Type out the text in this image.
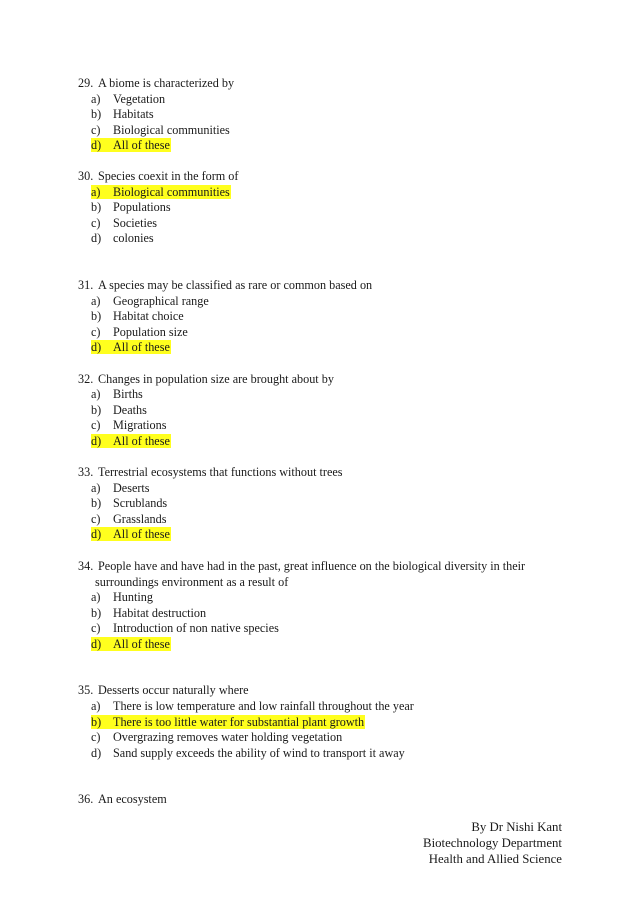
29. A biome is characterized by
a) Vegetation
b) Habitats
c) Biological communities
d) All of these
30. Species coexit in the form of
a) Biological communities
b) Populations
c) Societies
d) colonies
31. A species may be classified as rare or common based on
a) Geographical range
b) Habitat choice
c) Population size
d) All of these
32. Changes in population size are brought about by
a) Births
b) Deaths
c) Migrations
d) All of these
33. Terrestrial ecosystems that functions without trees
a) Deserts
b) Scrublands
c) Grasslands
d) All of these
34. People have and have had in the past, great influence on the biological diversity in their
surroundings environment as a result of
a) Hunting
b) Habitat destruction
c) Introduction of non native species
d) All of these
35. Desserts occur naturally where
a) There is low temperature and low rainfall throughout the year
b) There is too little water for substantial plant growth
c) Overgrazing removes water holding vegetation
d) Sand supply exceeds the ability of wind to transport it away
36. An ecosystem
By Dr Nishi Kant
Biotechnology Department
Health and Allied Science
